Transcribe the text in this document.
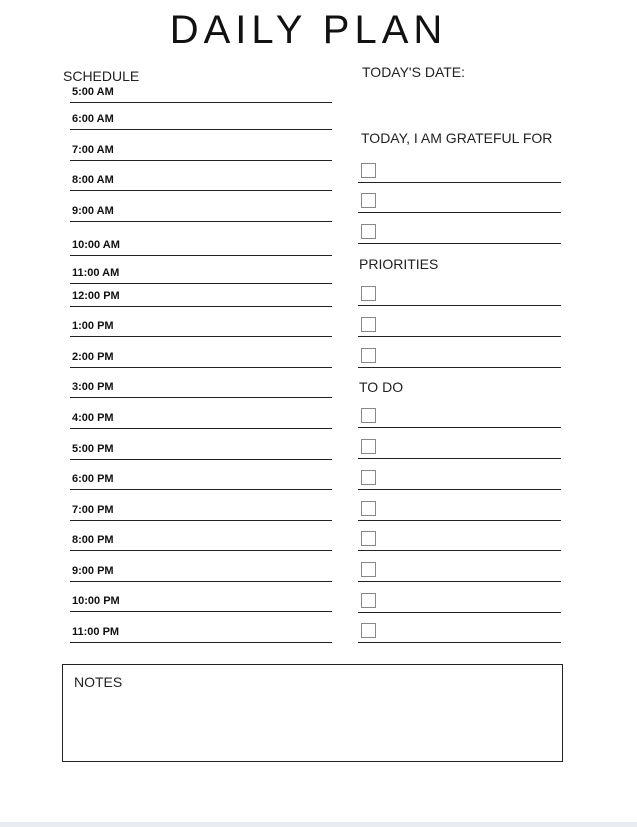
DAILY PLAN
SCHEDULE
5:00 AM
6:00 AM
7:00 AM
8:00 AM
9:00 AM
10:00 AM
11:00 AM
12:00 PM
1:00 PM
2:00 PM
3:00 PM
4:00 PM
5:00 PM
6:00 PM
7:00 PM
8:00 PM
9:00 PM
10:00 PM
11:00 PM
TODAY'S DATE:
TODAY, I AM GRATEFUL FOR
PRIORITIES
TO DO
NOTES
